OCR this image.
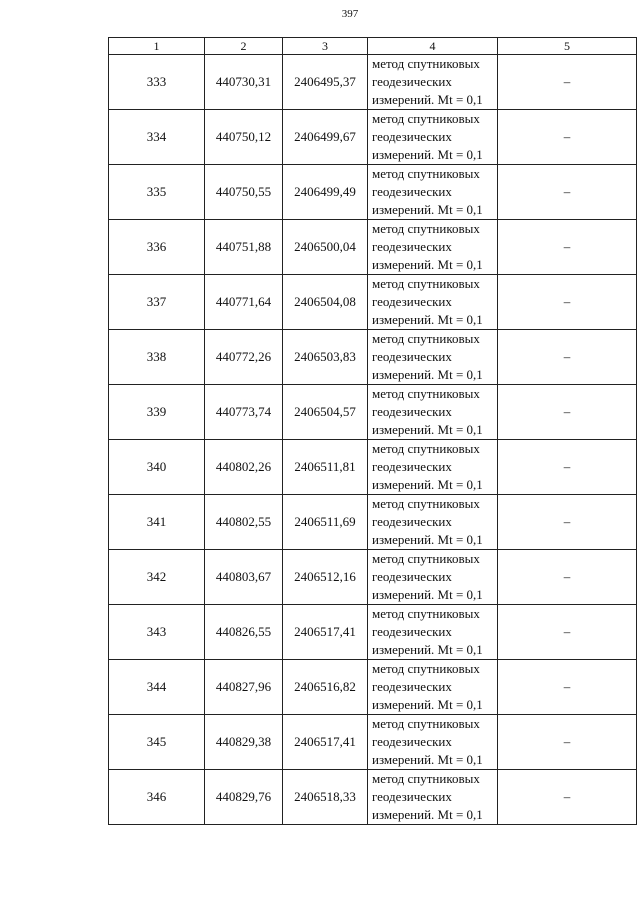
397
1	2	3	4	5
333	440730,31	2406495,37	метод спутниковых
геодезических
измерений. Mt = 0,1	–
334	440750,12	2406499,67	метод спутниковых
геодезических
измерений. Mt = 0,1	–
335	440750,55	2406499,49	метод спутниковых
геодезических
измерений. Mt = 0,1	–
336	440751,88	2406500,04	метод спутниковых
геодезических
измерений. Mt = 0,1	–
337	440771,64	2406504,08	метод спутниковых
геодезических
измерений. Mt = 0,1	–
338	440772,26	2406503,83	метод спутниковых
геодезических
измерений. Mt = 0,1	–
339	440773,74	2406504,57	метод спутниковых
геодезических
измерений. Mt = 0,1	–
340	440802,26	2406511,81	метод спутниковых
геодезических
измерений. Mt = 0,1	–
341	440802,55	2406511,69	метод спутниковых
геодезических
измерений. Mt = 0,1	–
342	440803,67	2406512,16	метод спутниковых
геодезических
измерений. Mt = 0,1	–
343	440826,55	2406517,41	метод спутниковых
геодезических
измерений. Mt = 0,1	–
344	440827,96	2406516,82	метод спутниковых
геодезических
измерений. Mt = 0,1	–
345	440829,38	2406517,41	метод спутниковых
геодезических
измерений. Mt = 0,1	–
346	440829,76	2406518,33	метод спутниковых
геодезических
измерений. Mt = 0,1	–
